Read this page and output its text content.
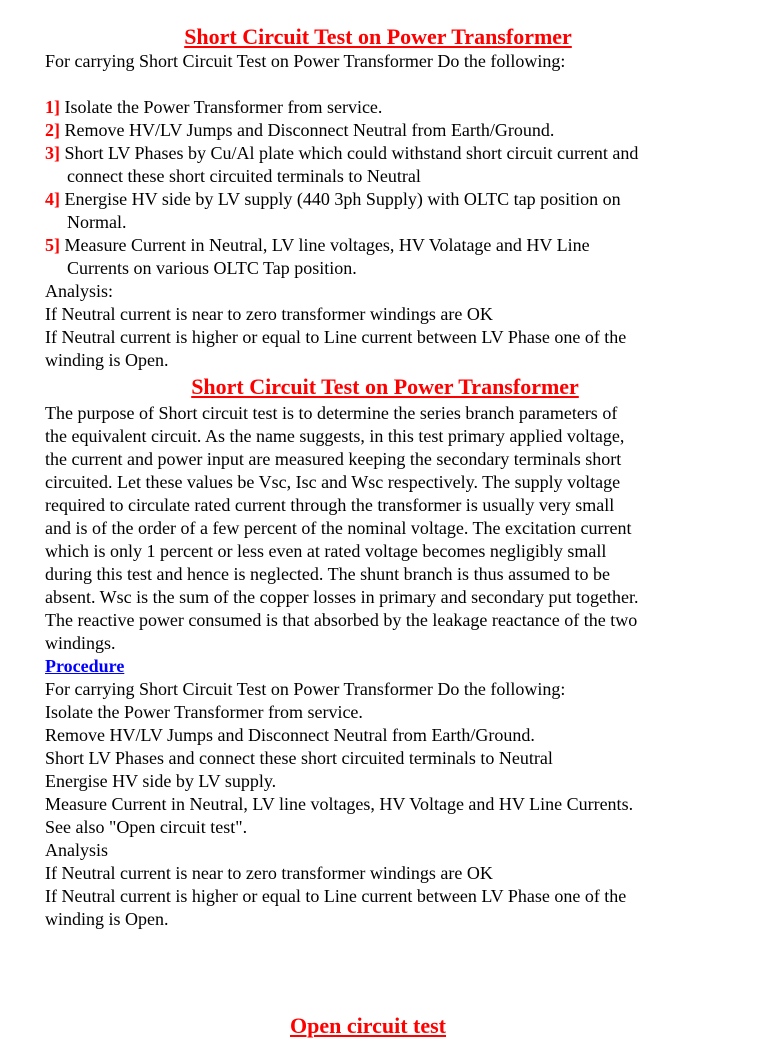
Short Circuit Test on Power Transformer
For carrying Short Circuit Test on Power Transformer Do the following:
1] Isolate the Power Transformer from service.
2] Remove HV/LV Jumps and Disconnect Neutral from Earth/Ground.
3] Short LV Phases by Cu/Al plate which could withstand short circuit current and
connect these short circuited terminals to Neutral
4] Energise HV side by LV supply (440 3ph Supply) with OLTC tap position on
Normal.
5] Measure Current in Neutral, LV line voltages, HV Volatage and HV Line
Currents on various OLTC Tap position.
Analysis:
If Neutral current is near to zero transformer windings are OK
If Neutral current is higher or equal to Line current between LV Phase one of the
winding is Open.
Short Circuit Test on Power Transformer
The purpose of Short circuit test is to determine the series branch parameters of
the equivalent circuit. As the name suggests, in this test primary applied voltage,
the current and power input are measured keeping the secondary terminals short
circuited. Let these values be Vsc, Isc and Wsc respectively. The supply voltage
required to circulate rated current through the transformer is usually very small
and is of the order of a few percent of the nominal voltage. The excitation current
which is only 1 percent or less even at rated voltage becomes negligibly small
during this test and hence is neglected. The shunt branch is thus assumed to be
absent. Wsc is the sum of the copper losses in primary and secondary put together.
The reactive power consumed is that absorbed by the leakage reactance of the two
windings.
Procedure
For carrying Short Circuit Test on Power Transformer Do the following:
Isolate the Power Transformer from service.
Remove HV/LV Jumps and Disconnect Neutral from Earth/Ground.
Short LV Phases and connect these short circuited terminals to Neutral
Energise HV side by LV supply.
Measure Current in Neutral, LV line voltages, HV Voltage and HV Line Currents.
See also "Open circuit test".
Analysis
If Neutral current is near to zero transformer windings are OK
If Neutral current is higher or equal to Line current between LV Phase one of the
winding is Open.
Open circuit test
